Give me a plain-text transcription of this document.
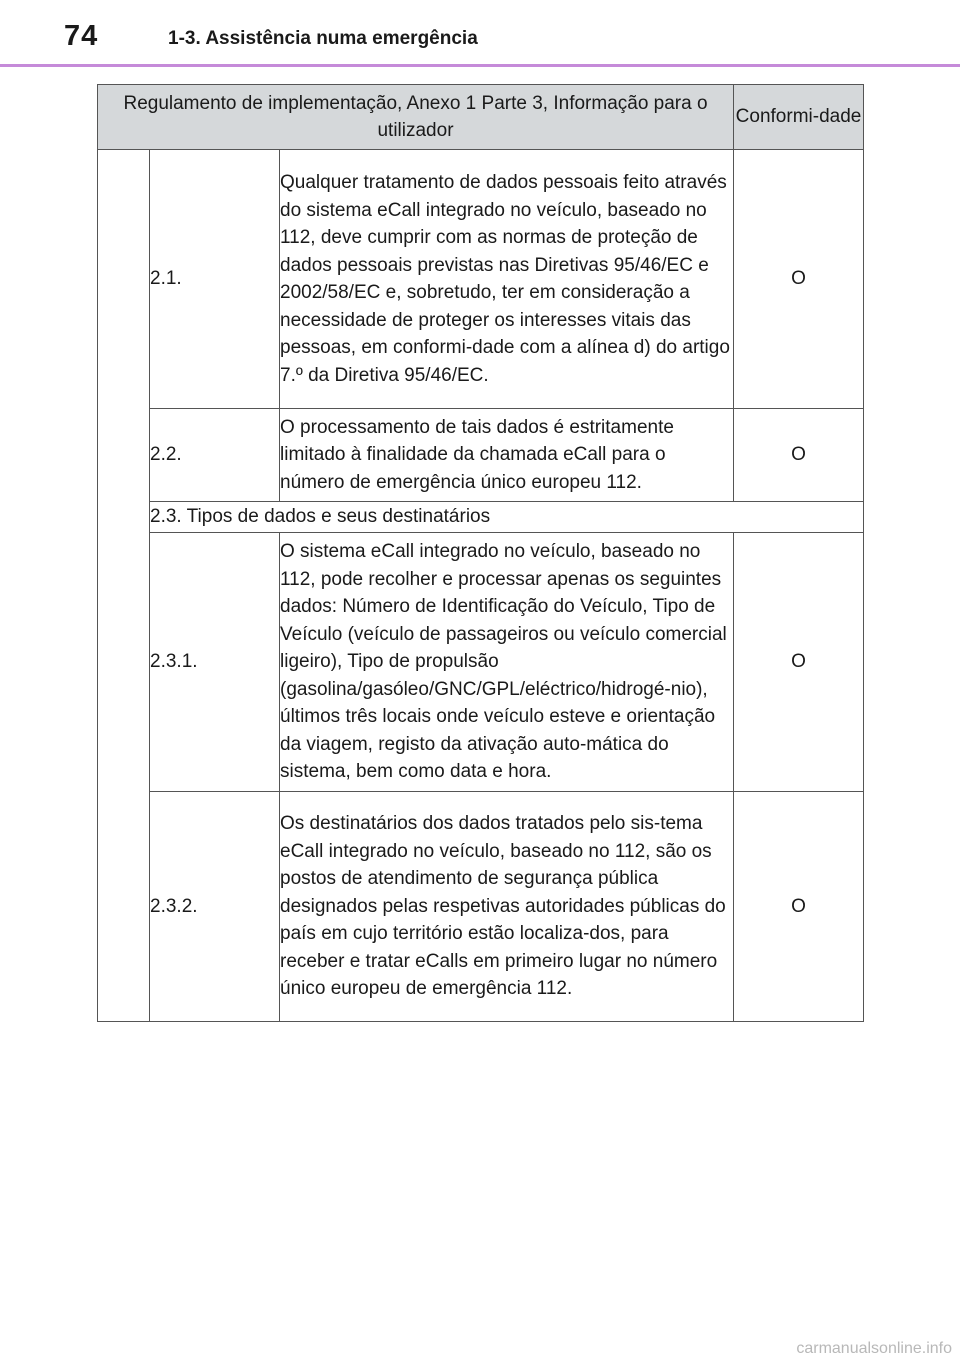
74	1-3. Assistência numa emergência
Regulamento de implementação, Anexo 1 Parte 3, Informação para o utilizador			Conformi-dade
	2.1.	Qualquer tratamento de dados pessoais feito através do sistema eCall integrado no veículo, baseado no 112, deve cumprir com as normas de proteção de dados pessoais previstas nas Diretivas 95/46/EC e 2002/58/EC e, sobretudo, ter em consideração a necessidade de proteger os interesses vitais das pessoas, em conformi-dade com a alínea d) do artigo 7.º da Diretiva 95/46/EC.	O
	2.2.	O processamento de tais dados é estritamente limitado à finalidade da chamada eCall para o número de emergência único europeu 112.	O
	2.3. Tipos de dados e seus destinatários		
	2.3.1.	O sistema eCall integrado no veículo, baseado no 112, pode recolher e processar apenas os seguintes dados: Número de Identificação do Veículo, Tipo de Veículo (veículo de passageiros ou veículo comercial ligeiro), Tipo de propulsão (gasolina/gasóleo/GNC/GPL/eléctrico/hidrogé-nio), últimos três locais onde veículo esteve e orientação da viagem, registo da ativação auto-mática do sistema, bem como data e hora.	O
	2.3.2.	Os destinatários dos dados tratados pelo sis-tema eCall integrado no veículo, baseado no 112, são os postos de atendimento de segurança pública designados pelas respetivas autoridades públicas do país em cujo território estão localiza-dos, para receber e tratar eCalls em primeiro lugar no número único europeu de emergência 112.	O
carmanualsonline.info
